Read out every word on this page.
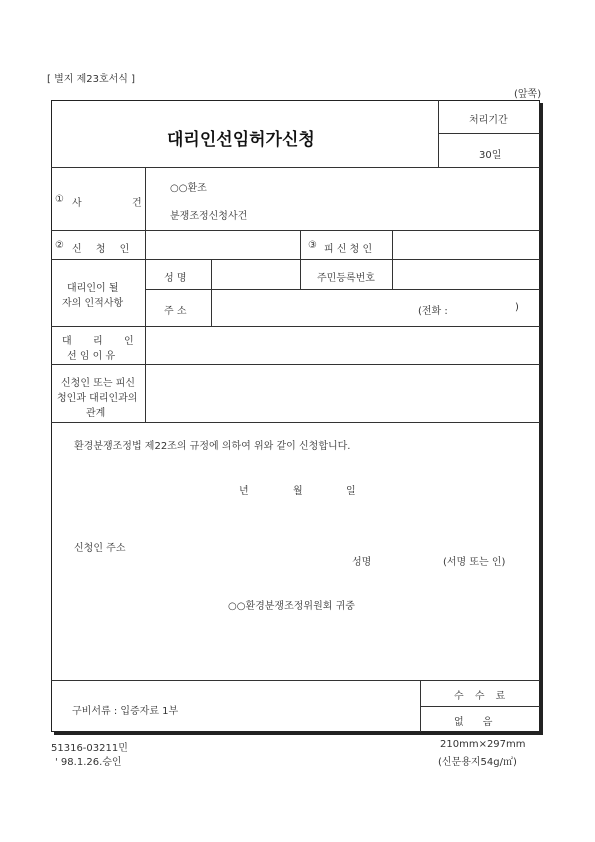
[ 별지 제23호서식 ]
(앞쪽)
대리인선임허가신청
처리기간
30일
① 사	건
○○환조
분쟁조정신청사건
② 신 청 인	③ 피 신 청 인
대리인이 될
자의 인적사항
성 명	주민등록번호
주 소	(전화 :	)
대 리 인
선 임 이 유
신청인 또는 피신
청인과 대리인과의
관계
환경분쟁조정법 제22조의 규정에 의하여 위와 같이 신청합니다.
년	월	일
신청인 주소
성명	(서명 또는 인)
○○환경분쟁조정위원회 귀중
구비서류 : 입증자료 1부
수 수 료
없      음
51316-03211민
' 98.1.26.승인
210mm×297mm
(신문용지54g/㎡)
